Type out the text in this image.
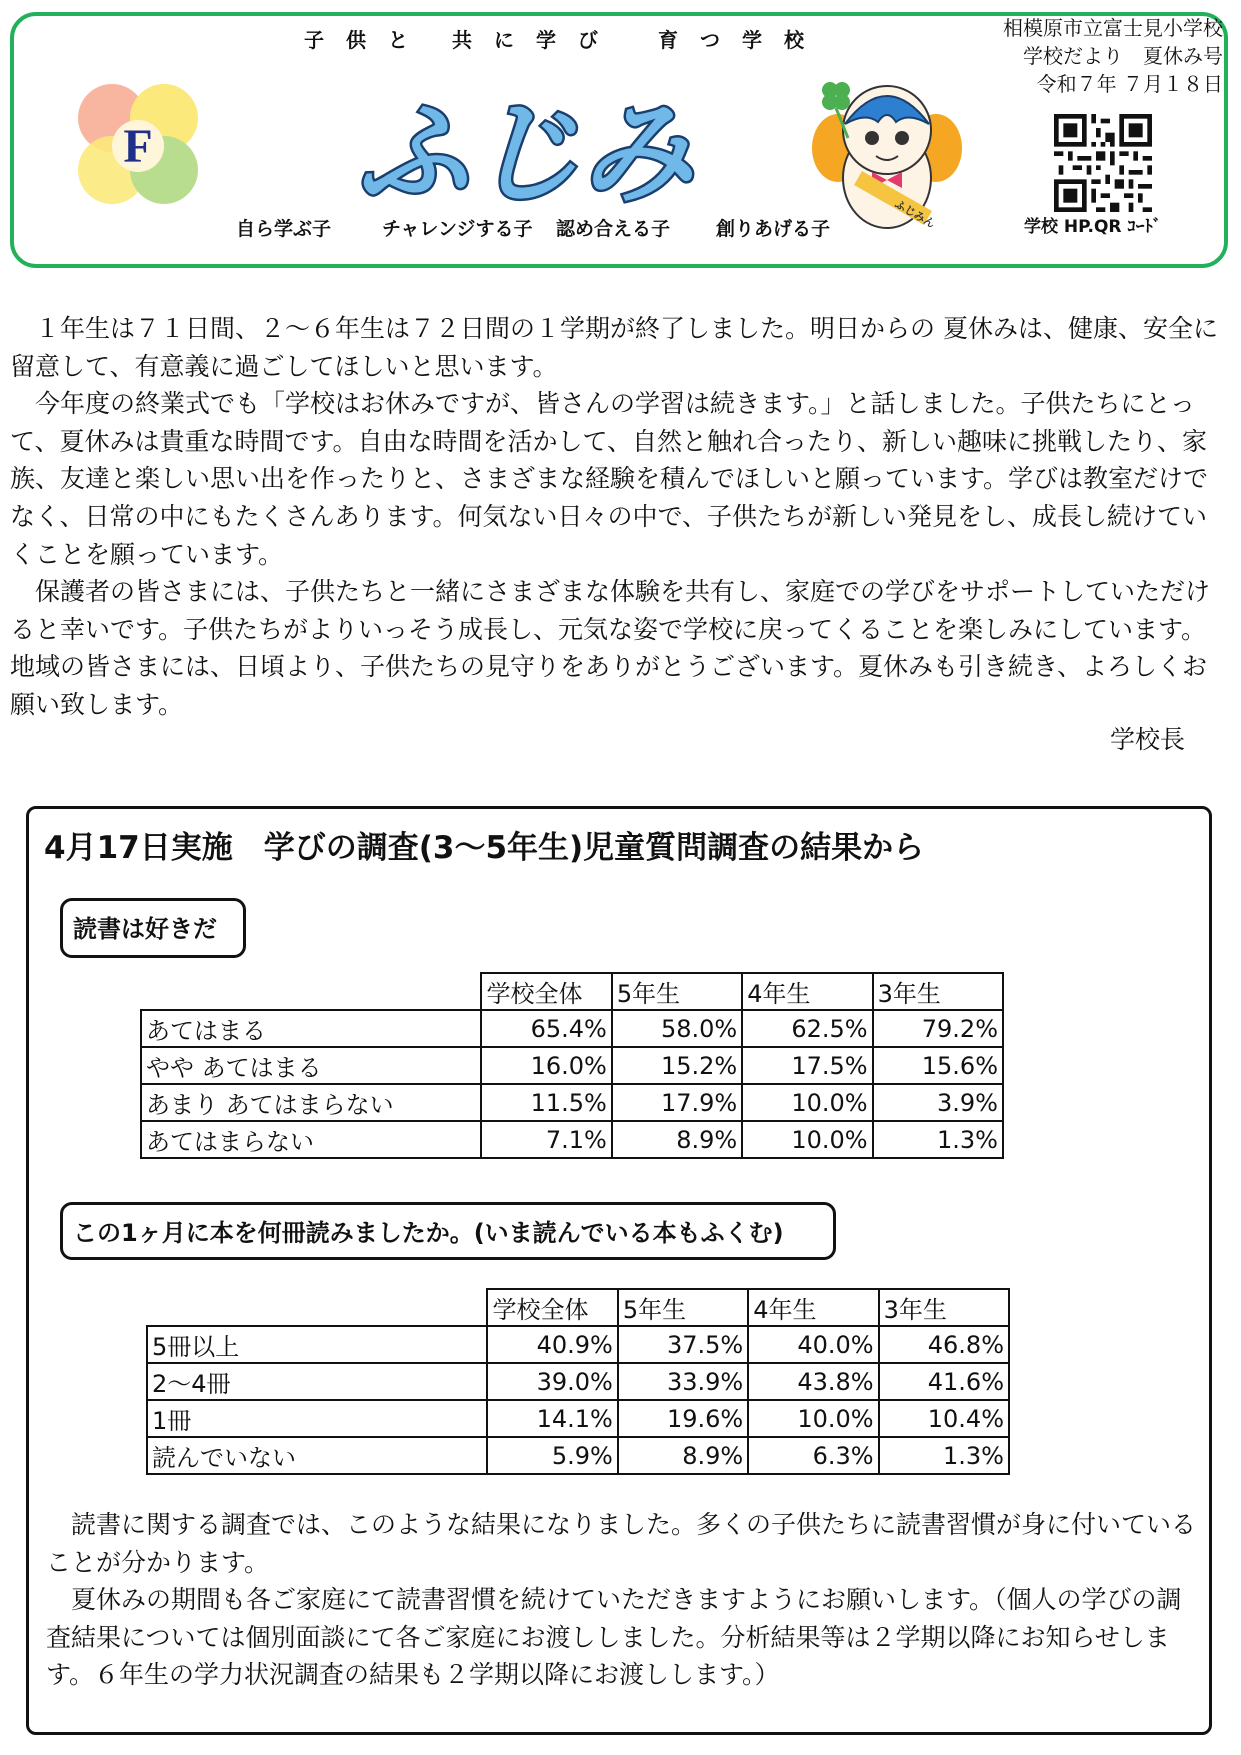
子 供 と 共 に 学 び	育 つ 学 校	相模原市立富士見小学校
学校だより　夏休み号
令和７年 ７月１８日
F ふじみ	ふじみん	学校 HP.QR ｺｰﾄﾞ
自ら学ぶ子	チャレンジする子 認め合える子 創りあげる子

１年生は７１日間、２～６年生は７２日間の１学期が終了しました。明日からの 夏休みは、健康、安全に留意して、有意義に過ごしてほしいと思います。

今年度の終業式でも「学校はお休みですが、皆さんの学習は続きます。」と話しました。子供たちにとって、夏休みは貴重な時間です。自由な時間を活かして、自然と触れ合ったり、新しい趣味に挑戦したり、家族、友達と楽しい思い出を作ったりと、さまざまな経験を積んでほしいと願っています。学びは教室だけでなく、日常の中にもたくさんあります。何気ない日々の中で、子供たちが新しい発見をし、成長し続けていくことを願っています。

保護者の皆さまには、子供たちと一緒にさまざまな体験を共有し、家庭での学びをサポートしていただけると幸いです。子供たちがよりいっそう成長し、元気な姿で学校に戻ってくることを楽しみにしています。地域の皆さまには、日頃より、子供たちの見守りをありがとうございます。夏休みも引き続き、よろしくお願い致します。

学校長
4月17日実施　学びの調査(3～5年生)児童質問調査の結果から
読書は好きだ
	学校全体	5年生	4年生	3年生
あてはまる	65.4%	58.0%	62.5%	79.2%
やや あてはまる	16.0%	15.2%	17.5%	15.6%
あまり あてはまらない	11.5%	17.9%	10.0%	3.9%
あてはまらない	7.1%	8.9%	10.0%	1.3%
この1ヶ月に本を何冊読みましたか。(いま読んでいる本もふくむ)
	学校全体	5年生	4年生	3年生
5冊以上	40.9%	37.5%	40.0%	46.8%
2～4冊	39.0%	33.9%	43.8%	41.6%
1冊	14.1%	19.6%	10.0%	10.4%
読んでいない	5.9%	8.9%	6.3%	1.3%

読書に関する調査では、このような結果になりました。多くの子供たちに読書習慣が身に付いていることが分かります。

夏休みの期間も各ご家庭にて読書習慣を続けていただきますようにお願いします。（個人の学びの調査結果については個別面談にて各ご家庭にお渡ししました。分析結果等は２学期以降にお知らせします。６年生の学力状況調査の結果も２学期以降にお渡しします。）
